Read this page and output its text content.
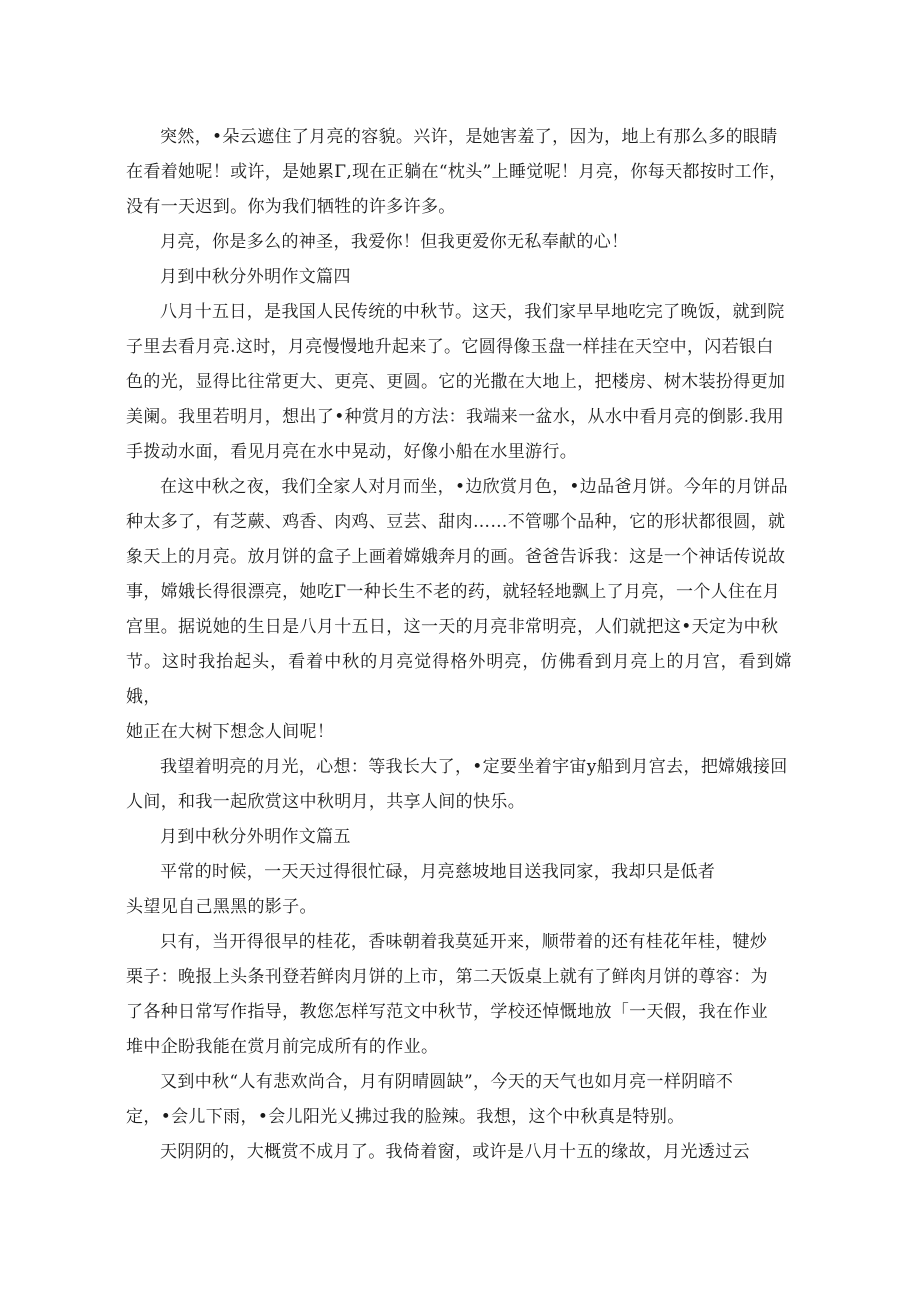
突然，•朵云遮住了月亮的容貌。兴许，是她害羞了，因为，地上有那么多的眼睛
在看着她呢！或许，是她累Γ,现在正躺在“枕头”上睡觉呢！月亮，你每天都按时工作，
没有一天迟到。你为我们牺牲的许多许多。
月亮，你是多么的神圣，我爱你！但我更爱你无私奉献的心！
月到中秋分外明作文篇四
八月十五日，是我国人民传统的中秋节。这天，我们家早早地吃完了晚饭，就到院
子里去看月亮.这时，月亮慢慢地升起来了。它圆得像玉盘一样挂在天空中，闪若银白
色的光，显得比往常更大、更亮、更圆。它的光撒在大地上，把楼房、树木装扮得更加
美阑。我里若明月，想出了•种赏月的方法：我端来一盆水，从水中看月亮的倒影.我用
手拨动水面，看见月亮在水中晃动，好像小船在水里游行。
在这中秋之夜，我们全家人对月而坐，•边欣赏月色，•边品爸月饼。今年的月饼品
种太多了，有芝蕨、鸡香、肉鸡、豆芸、甜肉……不管哪个品种，它的形状都很圆，就
象天上的月亮。放月饼的盒子上画着嫦娥奔月的画。爸爸告诉我：这是一个神话传说故
事，嫦娥长得很漂亮，她吃Γ一种长生不老的药，就轻轻地飘上了月亮，一个人住在月
宫里。据说她的生日是八月十五日，这一天的月亮非常明亮，人们就把这•天定为中秋
节。这时我抬起头，看着中秋的月亮觉得格外明亮，仿佛看到月亮上的月宫，看到嫦娥，
她正在大树下想念人间呢！
我望着明亮的月光，心想：等我长大了，•定要坐着宇宙y船到月宫去，把嫦娥接回
人间，和我一起欣赏这中秋明月，共享人间的快乐。
月到中秋分外明作文篇五
平常的时候，一天天过得很忙碌，月亮慈坡地目送我同家，我却只是低者
头望见自己黑黑的影子。
只有，当开得很早的桂花，香味朝着我莫延开来，顺带着的还有桂花年桂，犍炒
栗子：晚报上头条刊登若鲜肉月饼的上市，第二天饭桌上就有了鲜肉月饼的尊容：为
了各种日常写作指导，教您怎样写范文中秋节，学校还悼慨地放「一天假，我在作业
堆中企盼我能在赏月前完成所有的作业。
又到中秋“人有悲欢尚合，月有阴晴圆缺”，今天的天气也如月亮一样阴暗不
定，•会儿下雨，•会儿阳光乂拂过我的脸辣。我想，这个中秋真是特别。
天阴阴的，大概赏不成月了。我倚着窗，或许是八月十五的缘故，月光透过云
